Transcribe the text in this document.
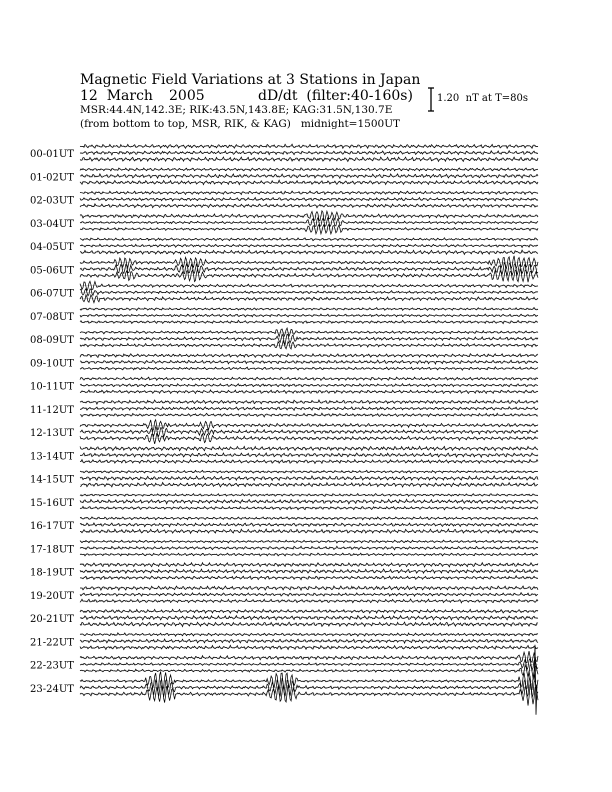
Magnetic Field Variations at 3 Stations in Japan
12  March 2005	dD/dt  (filter:40-160s)
MSR:44.4N,142.3E; RIK:43.5N,143.8E; KAG:31.5N,130.7E
(from bottom to top, MSR, RIK, & KAG)   midnight=1500UT
1.20  nT at T=80s
00-01UT
01-02UT
02-03UT
03-04UT
04-05UT
05-06UT
06-07UT
07-08UT
08-09UT
09-10UT
10-11UT
11-12UT
12-13UT
13-14UT
14-15UT
15-16UT
16-17UT
17-18UT
18-19UT
19-20UT
20-21UT
21-22UT
22-23UT
23-24UT
